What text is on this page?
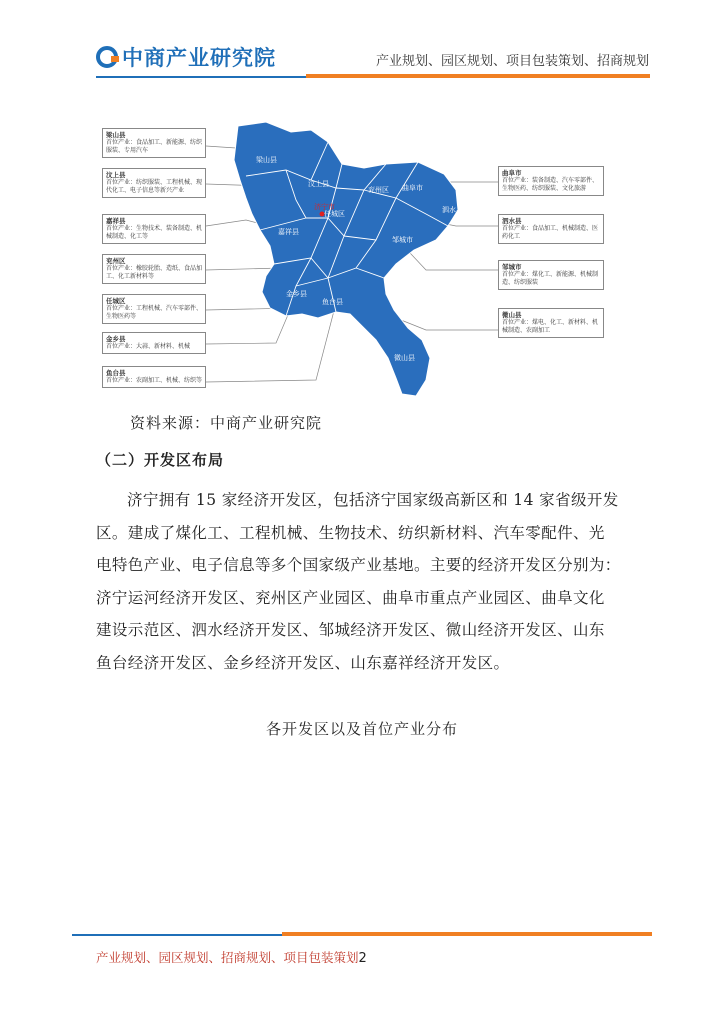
中商产业研究院	产业规划、园区规划、项目包装策划、招商规划
梁山县
汶上县
兖州区 曲阜市
泗水县
任城区
济宁市
嘉祥县
邹城市
金乡县
鱼台县
微山县
梁山县
首位产业：食品加工、新能源、纺织服装、专用汽车
汶上县
首位产业：纺织服装、工程机械、现代化工、电子信息等新兴产业
嘉祥县
首位产业：生物技术、装备制造、机械制造、化工等
兖州区
首位产业：橡胶轮胎、造纸、食品加工、化工新材料等
任城区
首位产业：工程机械、汽车零部件、生物医药等
金乡县
首位产业：大蒜、新材料、机械
鱼台县
首位产业：农副加工、机械、纺织等
曲阜市
首位产业：装备制造、汽车零部件、生物医药、纺织服装、文化旅游
泗水县
首位产业：食品加工、机械制造、医药化工
邹城市
首位产业：煤化工、新能源、机械制造、纺织服装
微山县
首位产业：煤电、化工、新材料、机械制造、农副加工
资料来源：中商产业研究院
（二）开发区布局
济宁拥有 15 家经济开发区，包括济宁国家级高新区和 14 家省级开发
区。建成了煤化工、工程机械、生物技术、纺织新材料、汽车零配件、光
电特色产业、电子信息等多个国家级产业基地。主要的经济开发区分别为：
济宁运河经济开发区、兖州区产业园区、曲阜市重点产业园区、曲阜文化
建设示范区、泗水经济开发区、邹城经济开发区、微山经济开发区、山东
鱼台经济开发区、金乡经济开发区、山东嘉祥经济开发区。
各开发区以及首位产业分布
产业规划、园区规划、招商规划、项目包装策划2
